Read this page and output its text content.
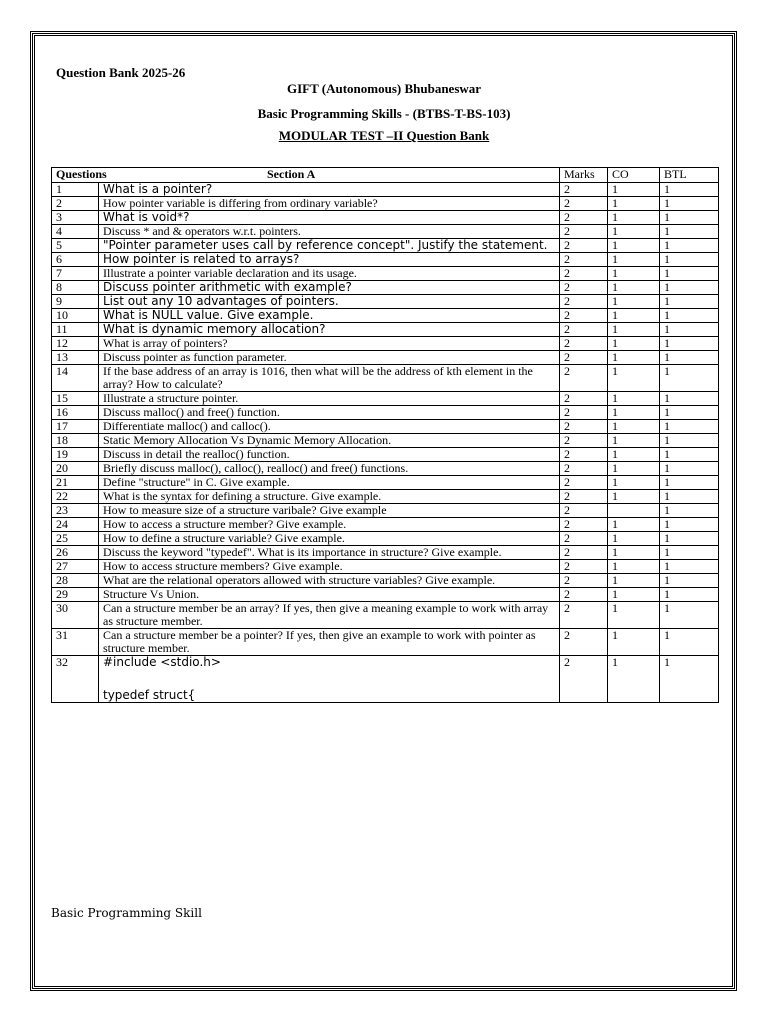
Question Bank 2025-26
GIFT (Autonomous) Bhubaneswar
Basic Programming Skills - (BTBS-T-BS-103)
MODULAR TEST –II Question Bank
Questions Section A		Marks	CO	BTL
1	What is a pointer?	2	1	1
2	How pointer variable is differing from ordinary variable?	2	1	1
3	What is void*?	2	1	1
4	Discuss * and & operators w.r.t. pointers.	2	1	1
5	"Pointer parameter uses call by reference concept". Justify the statement.	2	1	1
6	How pointer is related to arrays?	2	1	1
7	Illustrate a pointer variable declaration and its usage.	2	1	1
8	Discuss pointer arithmetic with example?	2	1	1
9	List out any 10 advantages of pointers.	2	1	1
10	What is NULL value. Give example.	2	1	1
11	What is dynamic memory allocation?	2	1	1
12	What is array of pointers?	2	1	1
13	Discuss pointer as function parameter.	2	1	1
14	If the base address of an array is 1016, then what will be the address of kth element in the array? How to calculate?	2	1	1
15	Illustrate a structure pointer.	2	1	1
16	Discuss malloc() and free() function.	2	1	1
17	Differentiate malloc() and calloc().	2	1	1
18	Static Memory Allocation Vs Dynamic Memory Allocation.	2	1	1
19	Discuss in detail the realloc() function.	2	1	1
20	Briefly discuss malloc(), calloc(), realloc() and free() functions.	2	1	1
21	Define "structure" in C. Give example.	2	1	1
22	What is the syntax for defining a structure. Give example.	2	1	1
23	How to measure size of a structure varibale? Give example	2		1
24	How to access a structure member? Give example.	2	1	1
25	How to define a structure variable? Give example.	2	1	1
26	Discuss the keyword "typedef". What is its importance in structure? Give example.	2	1	1
27	How to access structure members? Give example.	2	1	1
28	What are the relational operators allowed with structure variables? Give example.	2	1	1
29	Structure Vs Union.	2	1	1
30	Can a structure member be an array? If yes, then give a meaning example to work with array as structure member.	2	1	1
31	Can a structure member be a pointer? If yes, then give an example to work with pointer as structure member.	2	1	1
32	#include <stdio.h>
typedef struct{	2	1	1
Basic Programming Skill
